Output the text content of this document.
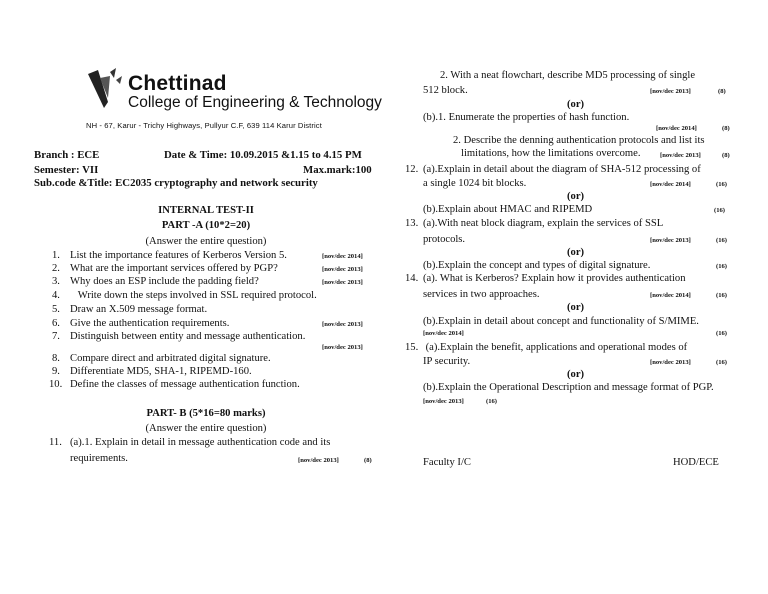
Chettinad
College of Engineering & Technology
NH - 67, Karur - Trichy Highways, Pullyur C.F, 639 114 Karur District
Branch : ECE	Date & Time: 10.09.2015 &1.15 to 4.15 PM
Semester: VII	Max.mark:100
Sub.code &Title: EC2035 cryptography and network security
INTERNAL TEST-II
PART -A (10*2=20)
(Answer the entire question)
1. List the importance features of Kerberos Version 5.	[nov/dec 2014]
2. What are the important services offered by PGP?	[nov/dec 2013]
3. Why does an ESP include the padding field?	[nov/dec 2013]
4. Write down the steps involved in SSL required protocol.
5. Draw an X.509 message format.
6. Give the authentication requirements.	[nov/dec 2013]
7. Distinguish between entity and message authentication.
[nov/dec 2013]
8. Compare direct and arbitrated digital signature.
9. Differentiate MD5, SHA-1, RIPEMD-160.
10. Define the classes of message authentication function.
PART- B (5*16=80 marks)
(Answer the entire question)
11. (a).1. Explain in detail in message authentication code and its
requirements.	[nov/dec 2013]	(8)
2. With a neat flowchart, describe MD5 processing of single
512 block.	[nov/dec 2013]	(8)
(or)
(b).1. Enumerate the properties of hash function.
[nov/dec 2014]	(8)
2. Describe the denning authentication protocols and list its
limitations, how the limitations overcome.	[nov/dec 2013]	(8)
12. (a).Explain in detail about the diagram of SHA-512 processing of
a single 1024 bit blocks.	[nov/dec 2014]	(16)
(or)
(b).Explain about HMAC and RIPEMD	(16)
13. (a).With neat block diagram, explain the services of SSL
protocols.	[nov/dec 2013]	(16)
(or)
(b).Explain the concept and types of digital signature.	(16)
14. (a). What is Kerberos? Explain how it provides authentication
services in two approaches.	[nov/dec 2014]	(16)
(or)
(b).Explain in detail about concept and functionality of S/MIME.
[nov/dec 2014]	(16)
15. (a).Explain the benefit, applications and operational modes of
IP security.	[nov/dec 2013]	(16)
(or)
(b).Explain the Operational Description and message format of PGP.
[nov/dec 2013]	(16)
Faculty I/C	HOD/ECE
